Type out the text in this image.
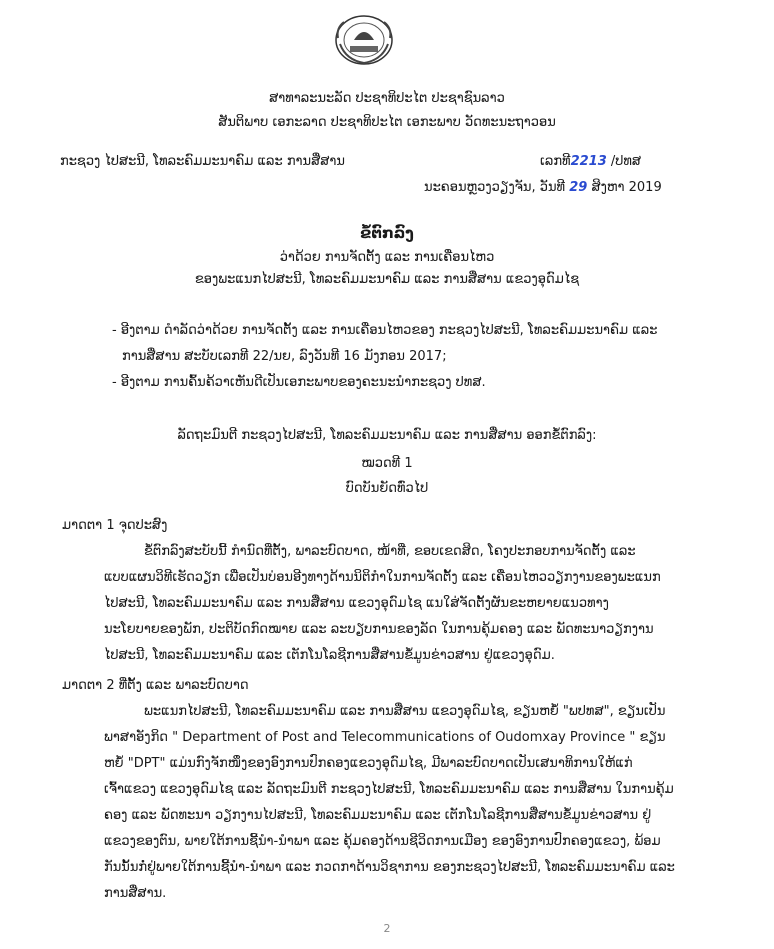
ສາທາລະນະລັດ ປະຊາທິປະໄຕ ປະຊາຊົນລາວ
ສັນຕິພາບ ເອກະລາດ ປະຊາທິປະໄຕ ເອກະພາບ ວັດທະນະຖາວອນ
ກະຊວງ ໄປສະນີ, ໂທລະຄົມມະນາຄົມ ແລະ ການສື່ສານ	ເລກທີ2213 /ປທສ
ນະຄອນຫຼວງວຽງຈັນ, ວັນທີ 29 ສິງຫາ 2019
ຂໍ້ຕົກລົງ
ວ່າດ້ວຍ ການຈັດຕັ້ງ ແລະ ການເຄື່ອນໄຫວ
ຂອງພະແນກໄປສະນີ, ໂທລະຄົມມະນາຄົມ ແລະ ການສື່ສານ ແຂວງອຸດົມໄຊ
- ອີງຕາມ ດຳລັດວ່າດ້ວຍ ການຈັດຕັ້ງ ແລະ ການເຄື່ອນໄຫວຂອງ ກະຊວງໄປສະນີ, ໂທລະຄົມມະນາຄົມ ແລະ
ການສື່ສານ ສະບັບເລກທີ 22/ນຍ, ລົງວັນທີ 16 ມັງກອນ 2017;
- ອີງຕາມ ການຄົ້ນຄ້ວາເຫັນດີເປັນເອກະພາບຂອງຄະນະນຳກະຊວງ ປທສ.
ລັດຖະມົນຕີ ກະຊວງໄປສະນີ, ໂທລະຄົມມະນາຄົມ ແລະ ການສື່ສານ ອອກຂໍ້ຕົກລົງ:
ໝວດທີ 1
ບົດບັນຍັດທົ່ວໄປ
ມາດຕາ 1 ຈຸດປະສົງ
ຂໍ້ຕົກລົງສະບັບນີ້ ກຳນົດທີ່ຕັ້ງ, ພາລະບົດບາດ, ໜ້າທີ່, ຂອບເຂດສິດ, ໂຄງປະກອບການຈັດຕັ້ງ ແລະ
ແບບແຜນວິທີເຮັດວຽກ ເພື່ອເປັນບ່ອນອີງທາງດ້ານນິຕິກຳໃນການຈັດຕັ້ງ ແລະ ເຄື່ອນໄຫວວຽກງານຂອງພະແນກ
ໄປສະນີ, ໂທລະຄົມມະນາຄົມ ແລະ ການສື່ສານ ແຂວງອຸດົມໄຊ ແນໃສ່ຈັດຕັ້ງຜັນຂະຫຍາຍແນວທາງ
ນະໂຍບາຍຂອງພັກ, ປະຕິບັດກົດໝາຍ ແລະ ລະບຽບການຂອງລັດ ໃນການຄຸ້ມຄອງ ແລະ ພັດທະນາວຽກງານ
ໄປສະນີ, ໂທລະຄົມມະນາຄົມ ແລະ ເຕັກໂນໂລຊີການສື່ສານຂໍ້ມູນຂ່າວສານ ຢູ່ແຂວງອຸດົມ.
ມາດຕາ 2 ທີ່ຕັ້ງ ແລະ ພາລະບົດບາດ
ພະແນກໄປສະນີ, ໂທລະຄົມມະນາຄົມ ແລະ ການສື່ສານ ແຂວງອຸດົມໄຊ, ຂຽນຫຍໍ້ "ພປທສ", ຂຽນເປັນ
ພາສາອັງກິດ " Department of Post and Telecommunications of Oudomxay Province " ຂຽນ
ຫຍໍ້ "DPT" ແມ່ນກົງຈັກໜຶ່ງຂອງອົງການປົກຄອງແຂວງອຸດົມໄຊ, ມີພາລະບົດບາດເປັນເສນາທິການໃຫ້ແກ່
ເຈົ້າແຂວງ ແຂວງອຸດົມໄຊ ແລະ ລັດຖະມົນຕີ ກະຊວງໄປສະນີ, ໂທລະຄົມມະນາຄົມ ແລະ ການສື່ສານ ໃນການຄຸ້ມ
ຄອງ ແລະ ພັດທະນາ ວຽກງານໄປສະນີ, ໂທລະຄົມມະນາຄົມ ແລະ ເຕັກໂນໂລຊີການສື່ສານຂໍ້ມູນຂ່າວສານ ຢູ່
ແຂວງຂອງຕົນ, ພາຍໃຕ້ການຊີ້ນຳ-ນຳພາ ແລະ ຄຸ້ມຄອງດ້ານຊີວິດການເມືອງ ຂອງອົງການປົກຄອງແຂວງ, ພ້ອມ
ກັນນັ້ນກໍ່ຢູ່ພາຍໃຕ້ການຊີ້ນຳ-ນຳພາ ແລະ ກວດກາດ້ານວິຊາການ ຂອງກະຊວງໄປສະນີ, ໂທລະຄົມມະນາຄົມ ແລະ
ການສື່ສານ.
2
